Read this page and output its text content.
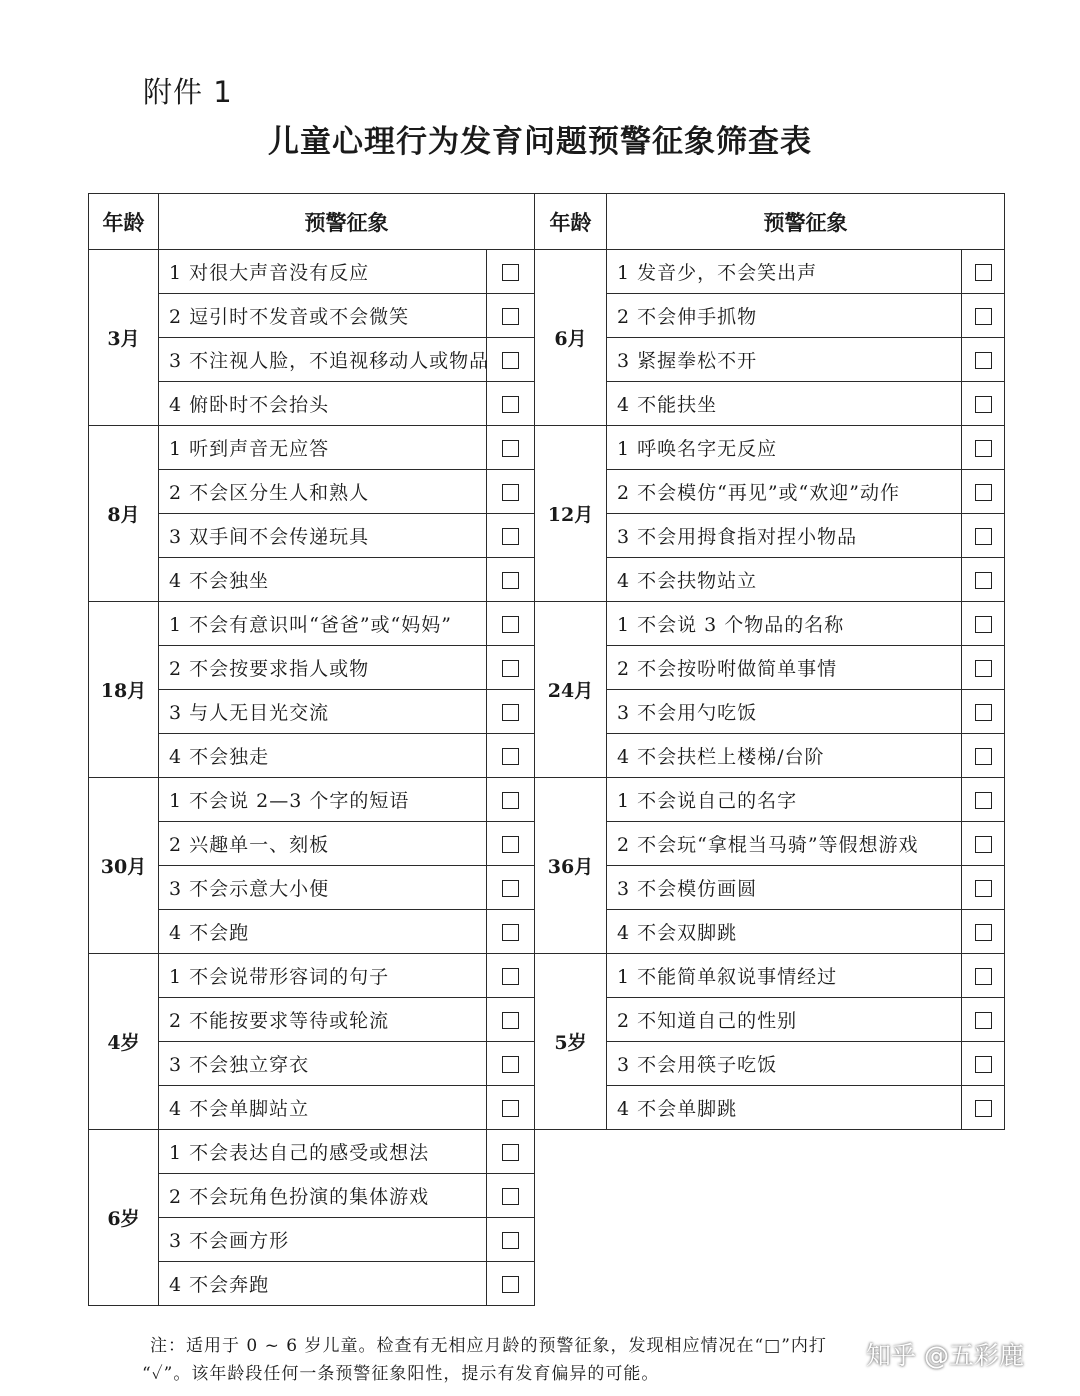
附件 1
儿童心理行为发育问题预警征象筛查表
年龄	预警征象		年龄	预警征象	
3月	1 对很大声音没有反应		6月	1 发音少，不会笑出声	
	2 逗引时不发音或不会微笑			2 不会伸手抓物	
	3 不注视人脸，不追视移动人或物品			3 紧握拳松不开	
	4 俯卧时不会抬头			4 不能扶坐	
8月	1 听到声音无应答		12月	1 呼唤名字无反应	
	2 不会区分生人和熟人			2 不会模仿“再见”或“欢迎”动作	
	3 双手间不会传递玩具			3 不会用拇食指对捏小物品	
	4 不会独坐			4 不会扶物站立	
18月	1 不会有意识叫“爸爸”或“妈妈”		24月	1 不会说 3 个物品的名称	
	2 不会按要求指人或物			2 不会按吩咐做简单事情	
	3 与人无目光交流			3 不会用勺吃饭	
	4 不会独走			4 不会扶栏上楼梯/台阶	
30月	1 不会说 2—3 个字的短语		36月	1 不会说自己的名字	
	2 兴趣单一、刻板			2 不会玩“拿棍当马骑”等假想游戏	
	3 不会示意大小便			3 不会模仿画圆	
	4 不会跑			4 不会双脚跳	
4岁	1 不会说带形容词的句子		5岁	1 不能简单叙说事情经过	
	2 不能按要求等待或轮流			2 不知道自己的性别	
	3 不会独立穿衣			3 不会用筷子吃饭	
	4 不会单脚站立			4 不会单脚跳	
6岁	1 不会表达自己的感受或想法				
	2 不会玩角色扮演的集体游戏				
	3 不会画方形				
	4 不会奔跑				
注：适用于 0 ~ 6 岁儿童。检查有无相应月龄的预警征象，发现相应情况在“□”内打
“✓”。该年龄段任何一条预警征象阳性，提示有发育偏异的可能。
知乎 @五彩鹿
